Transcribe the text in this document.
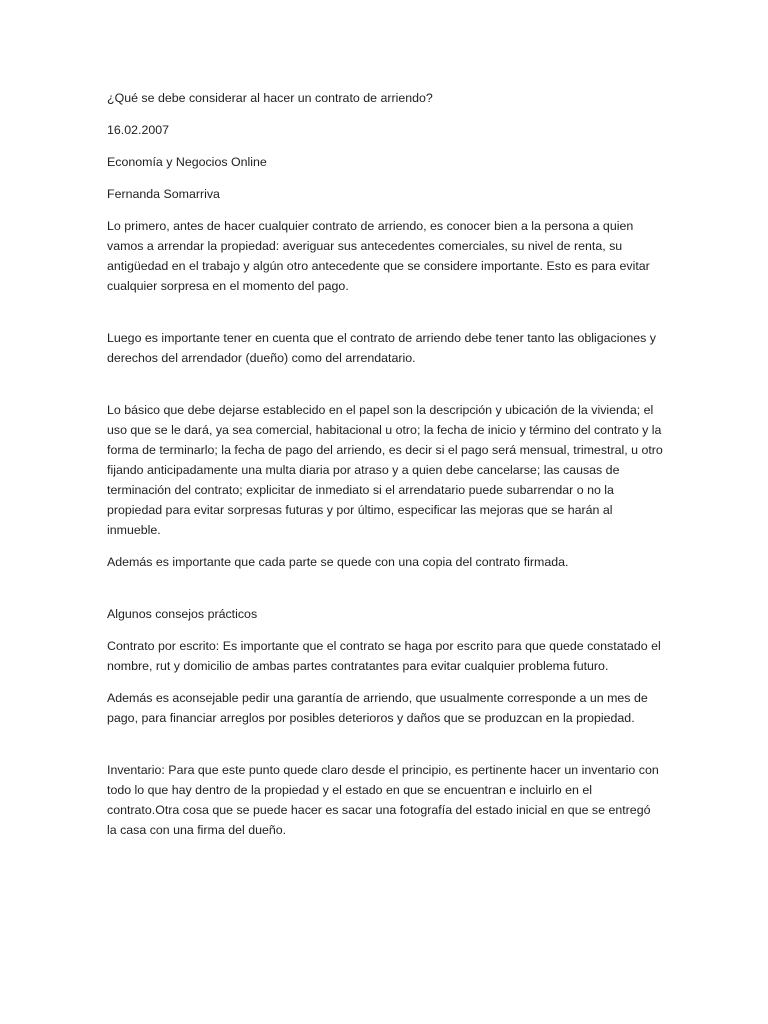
¿Qué se debe considerar al hacer un contrato de arriendo?

16.02.2007

Economía y Negocios Online

Fernanda Somarriva

Lo primero, antes de hacer cualquier contrato de arriendo, es conocer bien a la persona a quien vamos a arrendar la propiedad: averiguar sus antecedentes comerciales, su nivel de renta, su antigüedad en el trabajo y algún otro antecedente que se considere importante. Esto es para evitar cualquier sorpresa en el momento del pago.

Luego es importante tener en cuenta que el contrato de arriendo debe tener tanto las obligaciones y derechos del arrendador (dueño) como del arrendatario.

Lo básico que debe dejarse establecido en el papel son la descripción y ubicación de la vivienda; el uso que se le dará, ya sea comercial, habitacional u otro; la fecha de inicio y término del contrato y la forma de terminarlo; la fecha de pago del arriendo, es decir si el pago será mensual, trimestral, u otro fijando anticipadamente una multa diaria por atraso y a quien debe cancelarse; las causas de terminación del contrato; explicitar de inmediato si el arrendatario puede subarrendar o no la propiedad para evitar sorpresas futuras y por último, especificar las mejoras que se harán al inmueble.

Además es importante que cada parte se quede con una copia del contrato firmada.

Algunos consejos prácticos

Contrato por escrito: Es importante que el contrato se haga por escrito para que quede constatado el nombre, rut y domicilio de ambas partes contratantes para evitar cualquier problema futuro.

Además es aconsejable pedir una garantía de arriendo, que usualmente corresponde a un mes de pago, para financiar arreglos por posibles deterioros y daños que se produzcan en la propiedad.

Inventario: Para que este punto quede claro desde el principio, es pertinente hacer un inventario con todo lo que hay dentro de la propiedad y el estado en que se encuentran e incluirlo en el contrato.Otra cosa que se puede hacer es sacar una fotografía del estado inicial en que se entregó la casa con una firma del dueño.
